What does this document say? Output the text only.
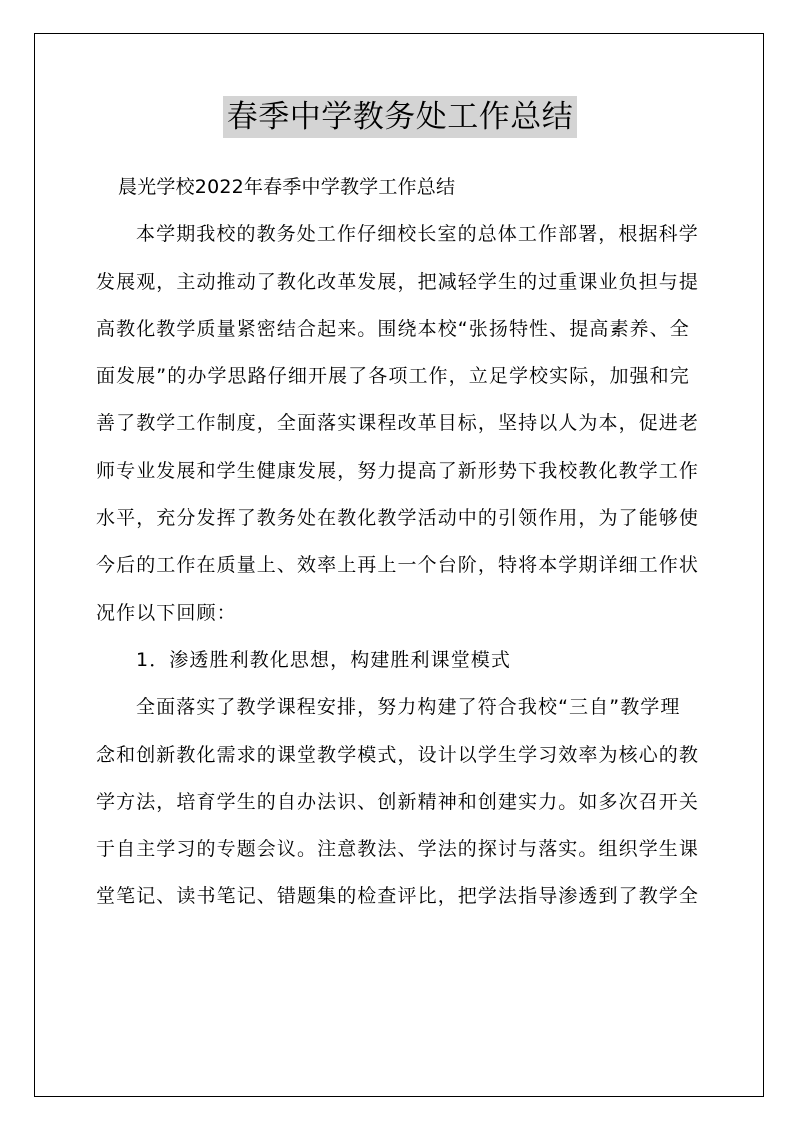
春季中学教务处工作总结
晨光学校2022年春季中学教学工作总结
本学期我校的教务处工作仔细校长室的总体工作部署，根据科学
发展观，主动推动了教化改革发展，把减轻学生的过重课业负担与提
高教化教学质量紧密结合起来。围绕本校“张扬特性、提高素养、全
面发展”的办学思路仔细开展了各项工作，立足学校实际，加强和完
善了教学工作制度，全面落实课程改革目标，坚持以人为本，促进老
师专业发展和学生健康发展，努力提高了新形势下我校教化教学工作
水平，充分发挥了教务处在教化教学活动中的引领作用，为了能够使
今后的工作在质量上、效率上再上一个台阶，特将本学期详细工作状
况作以下回顾：
1．渗透胜利教化思想，构建胜利课堂模式
全面落实了教学课程安排，努力构建了符合我校“三自”教学理
念和创新教化需求的课堂教学模式，设计以学生学习效率为核心的教
学方法，培育学生的自办法识、创新精神和创建实力。如多次召开关
于自主学习的专题会议。注意教法、学法的探讨与落实。组织学生课
堂笔记、读书笔记、错题集的检查评比，把学法指导渗透到了教学全
